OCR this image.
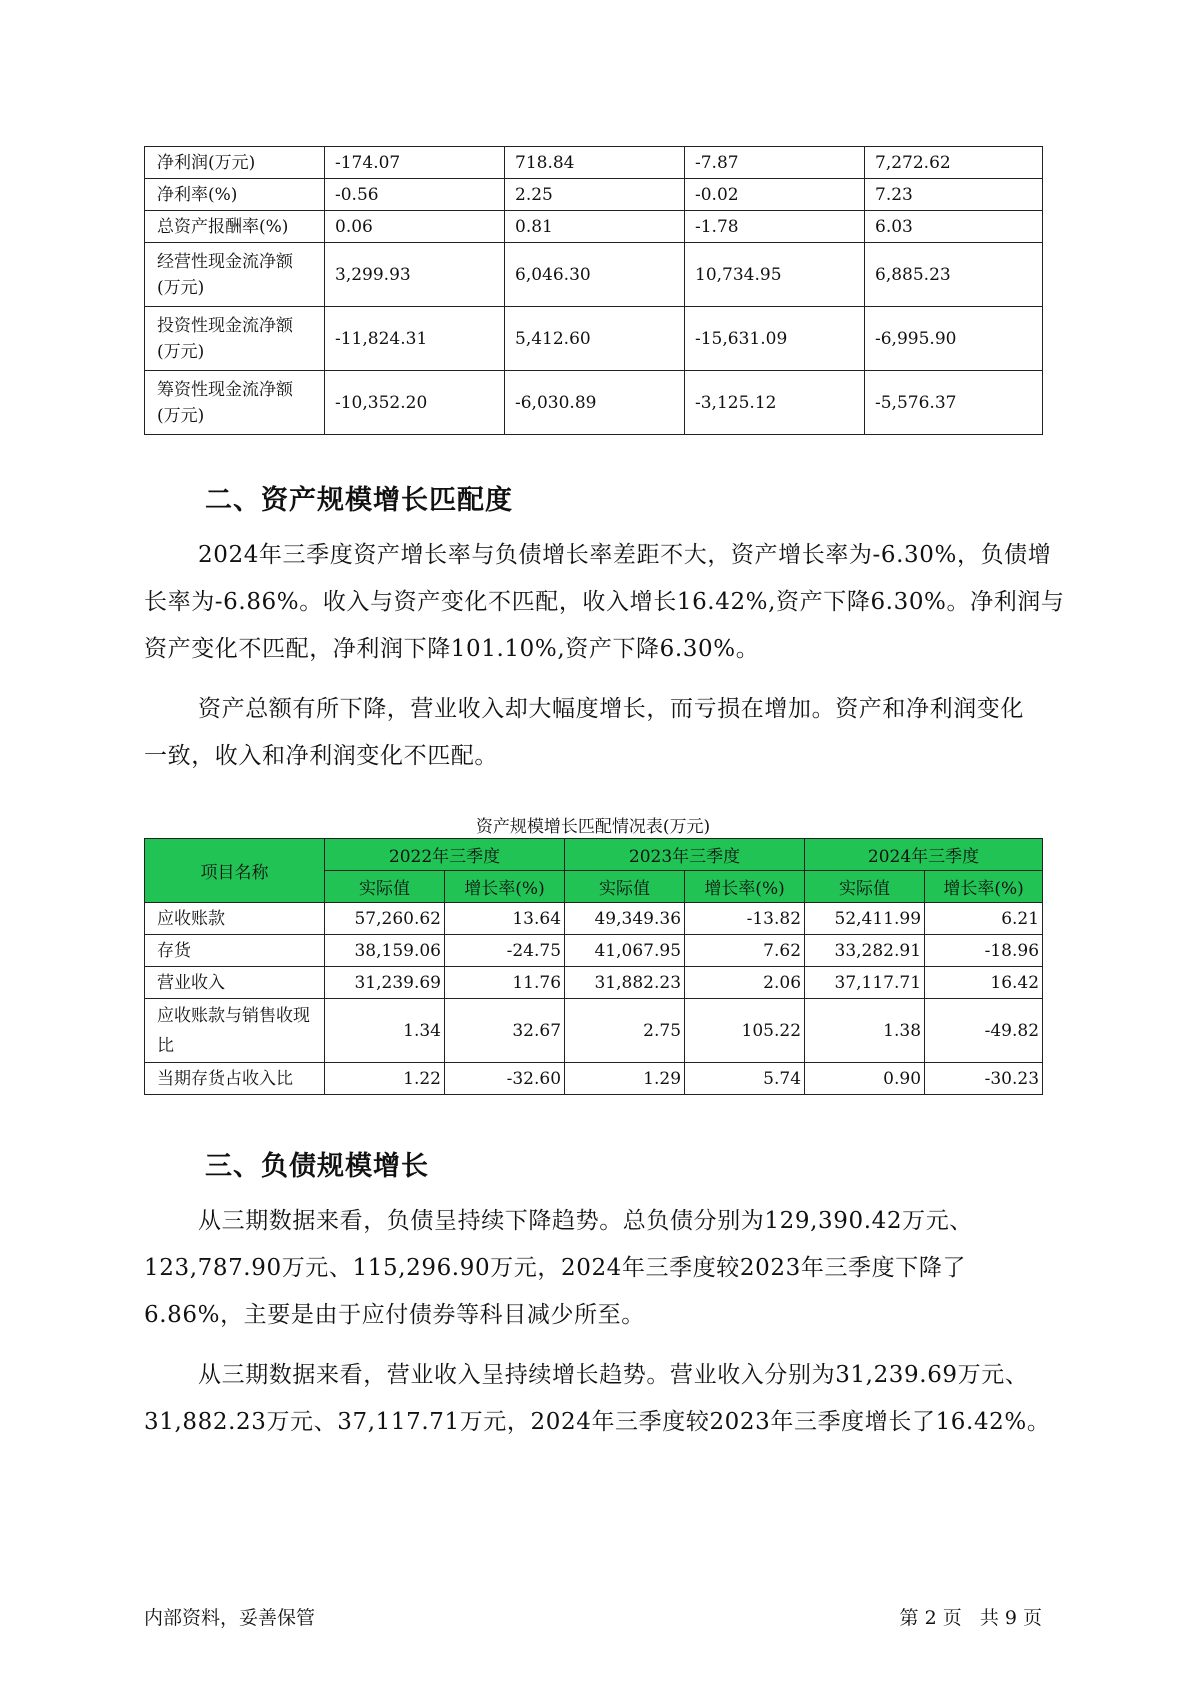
净利润(万元)	-174.07	718.84	-7.87	7,272.62
净利率(%)	-0.56	2.25	-0.02	7.23
总资产报酬率(%)	0.06	0.81	-1.78	6.03
经营性现金流净额(万元)	3,299.93	6,046.30	10,734.95	6,885.23
投资性现金流净额(万元)	-11,824.31	5,412.60	-15,631.09	-6,995.90
筹资性现金流净额(万元)	-10,352.20	-6,030.89	-3,125.12	-5,576.37
二、资产规模增长匹配度
2024年三季度资产增长率与负债增长率差距不大，资产增长率为-6.30%，负债增长率为-6.86%。收入与资产变化不匹配，收入增长16.42%,资产下降6.30%。净利润与资产变化不匹配，净利润下降101.10%,资产下降6.30%。
资产总额有所下降，营业收入却大幅度增长，而亏损在增加。资产和净利润变化一致，收入和净利润变化不匹配。
资产规模增长匹配情况表(万元)
项目名称	2022年三季度		2023年三季度		2024年三季度	
	实际值	增长率(%)	实际值	增长率(%)	实际值	增长率(%)
应收账款	57,260.62	13.64	49,349.36	-13.82	52,411.99	6.21
存货	38,159.06	-24.75	41,067.95	7.62	33,282.91	-18.96
营业收入	31,239.69	11.76	31,882.23	2.06	37,117.71	16.42
应收账款与销售收现比	1.34	32.67	2.75	105.22	1.38	-49.82
当期存货占收入比	1.22	-32.60	1.29	5.74	0.90	-30.23
三、负债规模增长
从三期数据来看，负债呈持续下降趋势。总负债分别为129,390.42万元、123,787.90万元、115,296.90万元，2024年三季度较2023年三季度下降了6.86%，主要是由于应付债券等科目减少所至。
从三期数据来看，营业收入呈持续增长趋势。营业收入分别为31,239.69万元、31,882.23万元、37,117.71万元，2024年三季度较2023年三季度增长了16.42%。
内部资料，妥善保管	第 2 页   共 9 页
